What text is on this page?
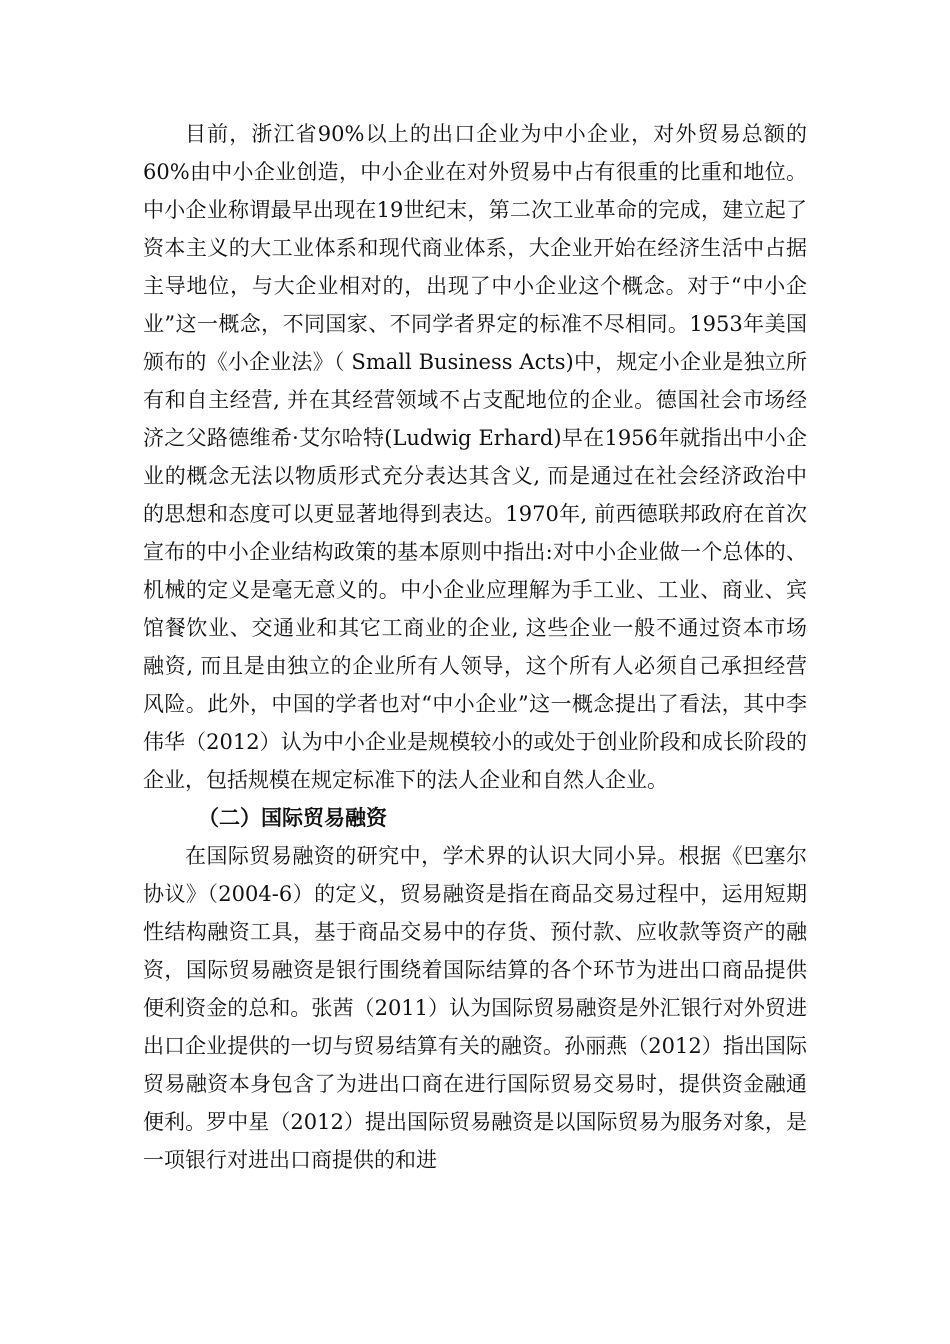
目前，浙江省90%以上的出口企业为中小企业，对外贸易总额的60%由中小企业创造，中小企业在对外贸易中占有很重的比重和地位。中小企业称谓最早出现在19世纪末，第二次工业革命的完成，建立起了资本主义的大工业体系和现代商业体系，大企业开始在经济生活中占据主导地位，与大企业相对的，出现了中小企业这个概念。对于“中小企业”这一概念，不同国家、不同学者界定的标准不尽相同。1953年美国颁布的《小企业法》（ Small Business Acts)中，规定小企业是独立所有和自主经营, 并在其经营领域不占支配地位的企业。德国社会市场经济之父路德维希·艾尔哈特(Ludwig Erhard)早在1956年就指出中小企业的概念无法以物质形式充分表达其含义, 而是通过在社会经济政治中的思想和态度可以更显著地得到表达。1970年, 前西德联邦政府在首次宣布的中小企业结构政策的基本原则中指出:对中小企业做一个总体的、机械的定义是毫无意义的。中小企业应理解为手工业、工业、商业、宾馆餐饮业、交通业和其它工商业的企业, 这些企业一般不通过资本市场融资, 而且是由独立的企业所有人领导，这个所有人必须自己承担经营风险。此外，中国的学者也对“中小企业”这一概念提出了看法，其中李伟华（2012）认为中小企业是规模较小的或处于创业阶段和成长阶段的企业，包括规模在规定标准下的法人企业和自然人企业。

（二）国际贸易融资

在国际贸易融资的研究中，学术界的认识大同小异。根据《巴塞尔协议》（2004-6）的定义，贸易融资是指在商品交易过程中，运用短期性结构融资工具，基于商品交易中的存货、预付款、应收款等资产的融资，国际贸易融资是银行围绕着国际结算的各个环节为进出口商品提供便利资金的总和。张茜（2011）认为国际贸易融资是外汇银行对外贸进出口企业提供的一切与贸易结算有关的融资。孙丽燕（2012）指出国际贸易融资本身包含了为进出口商在进行国际贸易交易时，提供资金融通便利。罗中星（2012）提出国际贸易融资是以国际贸易为服务对象，是一项银行对进出口商提供的和进
